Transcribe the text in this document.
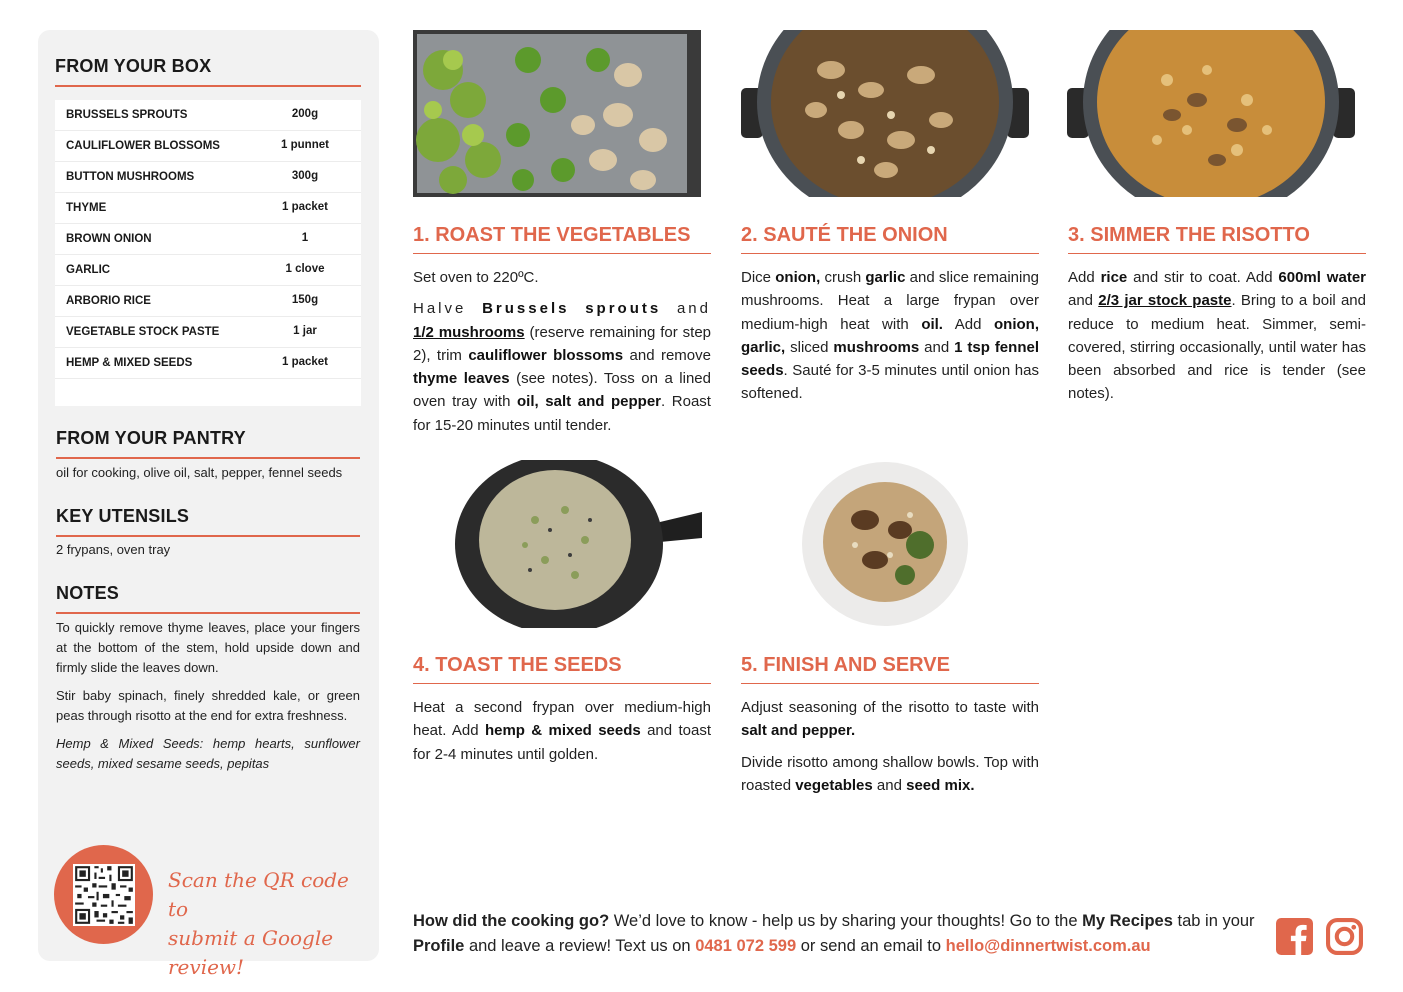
FROM YOUR BOX
BRUSSELS SPROUTS	200g
CAULIFLOWER BLOSSOMS	1 punnet
BUTTON MUSHROOMS	300g
THYME	1 packet
BROWN ONION	1
GARLIC	1 clove
ARBORIO RICE	150g
VEGETABLE STOCK PASTE	1 jar
HEMP & MIXED SEEDS	1 packet
FROM YOUR PANTRY
oil for cooking, olive oil, salt, pepper, fennel seeds
KEY UTENSILS
2 frypans, oven tray
NOTES

To quickly remove thyme leaves, place your fingers at the bottom of the stem, hold upside down and firmly slide the leaves down.

Stir baby spinach, finely shredded kale, or green peas through risotto at the end for extra freshness.

Hemp & Mixed Seeds: hemp hearts, sunflower seeds, mixed sesame seeds, pepitas

Scan the QR code to
submit a Google review!
1. ROAST THE VEGETABLES

Set oven to 220ºC.

Halve Brussels sprouts and 1/2 mushrooms (reserve remaining for step 2), trim cauliflower blossoms and remove thyme leaves (see notes). Toss on a lined oven tray with oil, salt and pepper. Roast for 15-20 minutes until tender.

2. SAUTÉ THE ONION

Dice onion, crush garlic and slice remaining mushrooms. Heat a large frypan over medium-high heat with oil. Add onion, garlic, sliced mushrooms and 1 tsp fennel seeds. Sauté for 3-5 minutes until onion has softened.

3. SIMMER THE RISOTTO

Add rice and stir to coat. Add 600ml water and 2/3 jar stock paste. Bring to a boil and reduce to medium heat. Simmer, semi-covered, stirring occasionally, until water has been absorbed and rice is tender (see notes).

4. TOAST THE SEEDS

Heat a second frypan over medium-high heat. Add hemp & mixed seeds and toast for 2-4 minutes until golden.

5. FINISH AND SERVE

Adjust seasoning of the risotto to taste with salt and pepper.

Divide risotto among shallow bowls. Top with roasted vegetables and seed mix.

How did the cooking go? We’d love to know - help us by sharing your thoughts! Go to the My Recipes tab in your Profile and leave a review! Text us on 0481 072 599 or send an email to hello@dinnertwist.com.au
